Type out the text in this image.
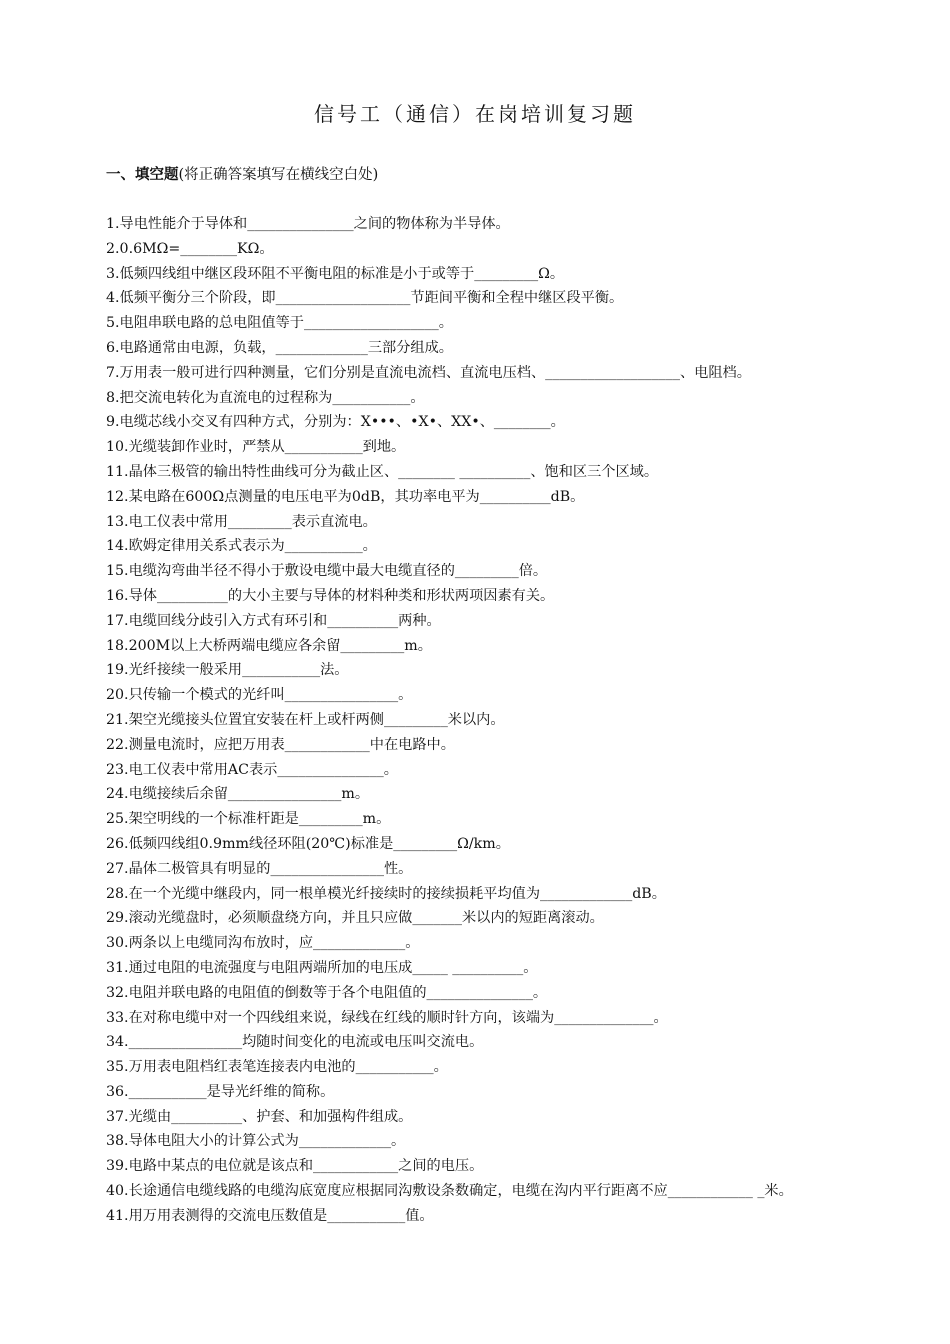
信号工（通信）在岗培训复习题
一、填空题(将正确答案填写在横线空白处)
1.导电性能介于导体和_______________之间的物体称为半导体。
2.0.6MΩ=________KΩ。
3.低频四线组中继区段环阻不平衡电阻的标准是小于或等于_________Ω。
4.低频平衡分三个阶段，即___________________节距间平衡和全程中继区段平衡。
5.电阻串联电路的总电阻值等于___________________。
6.电路通常由电源，负载，_____________三部分组成。
7.万用表一般可进行四种测量，它们分别是直流电流档、直流电压档、___________________、电阻档。
8.把交流电转化为直流电的过程称为___________。
9.电缆芯线小交叉有四种方式，分别为：X•••、•X•、XX•、________。
10.光缆装卸作业时，严禁从___________到地。
11.晶体三极管的输出特性曲线可分为截止区、________ __________、饱和区三个区域。
12.某电路在600Ω点测量的电压电平为0dB，其功率电平为__________dB。
13.电工仪表中常用_________表示直流电。
14.欧姆定律用关系式表示为___________。
15.电缆沟弯曲半径不得小于敷设电缆中最大电缆直径的_________倍。
16.导体__________的大小主要与导体的材料种类和形状两项因素有关。
17.电缆回线分歧引入方式有环引和__________两种。
18.200M以上大桥两端电缆应各余留_________m。
19.光纤接续一般采用___________法。
20.只传输一个模式的光纤叫________________。
21.架空光缆接头位置宜安装在杆上或杆两侧_________米以内。
22.测量电流时，应把万用表____________中在电路中。
23.电工仪表中常用AC表示_______________。
24.电缆接续后余留________________m。
25.架空明线的一个标准杆距是_________m。
26.低频四线组0.9mm线径环阻(20℃)标准是_________Ω/km。
27.晶体二极管具有明显的________________性。
28.在一个光缆中继段内，同一根单模光纤接续时的接续损耗平均值为_____________dB。
29.滚动光缆盘时，必须顺盘绕方向，并且只应做_______米以内的短距离滚动。
30.两条以上电缆同沟布放时，应_____________。
31.通过电阻的电流强度与电阻两端所加的电压成_____ __________。
32.电阻并联电路的电阻值的倒数等于各个电阻值的_______________。
33.在对称电缆中对一个四线组来说，绿线在红线的顺时针方向，该端为______________。
34.________________均随时间变化的电流或电压叫交流电。
35.万用表电阻档红表笔连接表内电池的___________。
36.___________是导光纤维的简称。
37.光缆由__________、护套、和加强构件组成。
38.导体电阻大小的计算公式为_____________。
39.电路中某点的电位就是该点和____________之间的电压。
40.长途通信电缆线路的电缆沟底宽度应根据同沟敷设条数确定，电缆在沟内平行距离不应____________ _米。
41.用万用表测得的交流电压数值是___________值。
